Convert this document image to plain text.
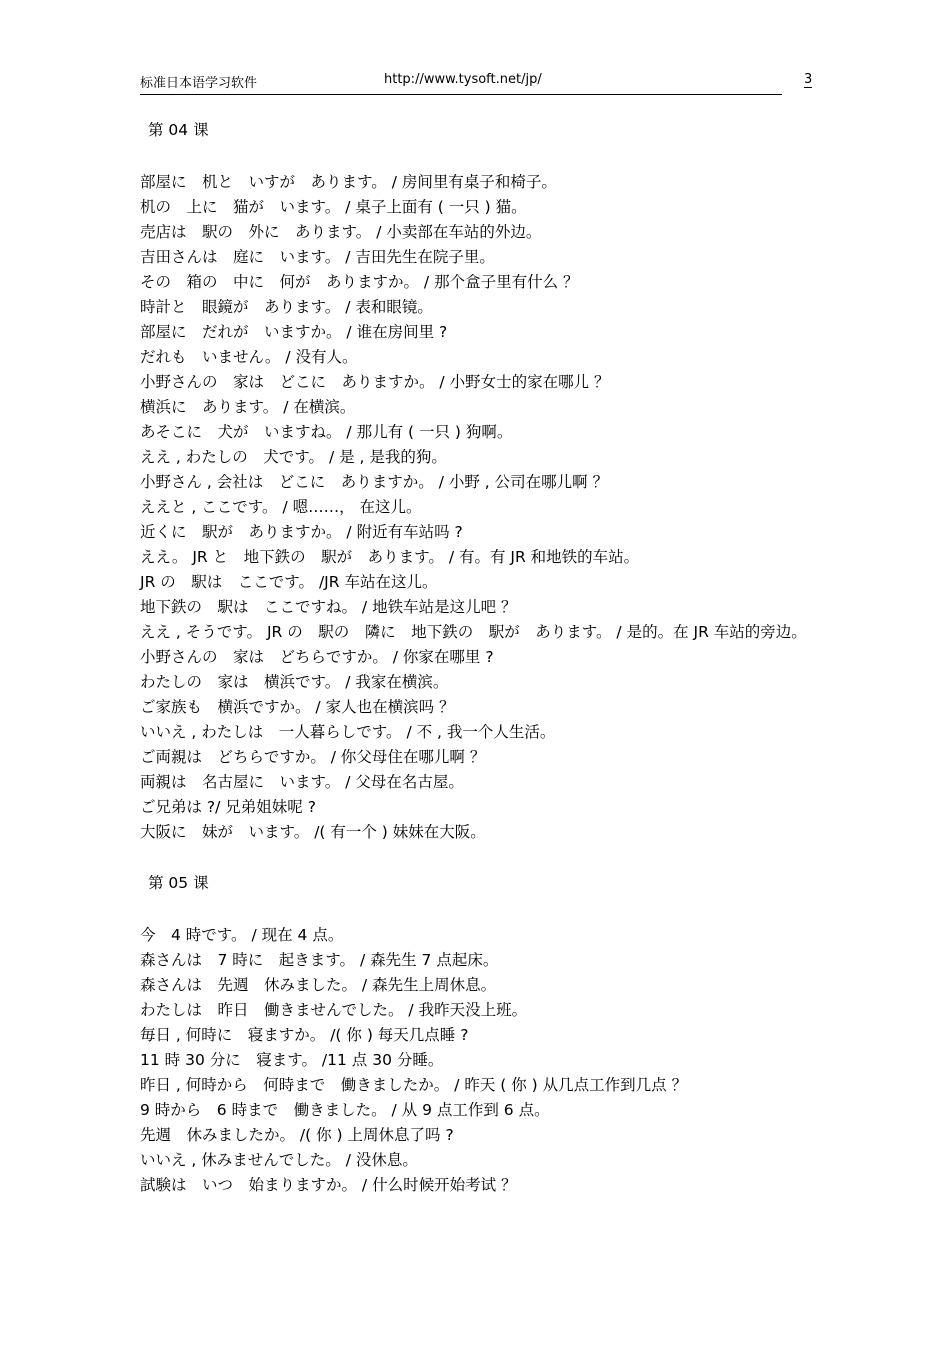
标准日本语学习软件	http://www.tysoft.net/jp/	3
第 04 课
部屋に　机と　いすが　あります。 / 房间里有桌子和椅子。
机の　上に　猫が　います。 / 桌子上面有 ( 一只 ) 猫。
売店は　駅の　外に　あります。 / 小卖部在车站的外边。
吉田さんは　庭に　います。 / 吉田先生在院子里。
その　箱の　中に　何が　ありますか。 / 那个盒子里有什么 ？
時計と　眼鏡が　あります。 / 表和眼镜。
部屋に　だれが　いますか。 / 谁在房间里 ?
だれも　いません。 / 没有人。
小野さんの　家は　どこに　ありますか。 / 小野女士的家在哪儿 ？
横浜に　あります。 / 在横滨。
あそこに　犬が　いますね。 / 那儿有 ( 一只 ) 狗啊。
ええ , わたしの　犬です。 / 是 , 是我的狗。
小野さん , 会社は　どこに　ありますか。 / 小野 , 公司在哪儿啊 ？
ええと , ここです。 / 嗯……， 在这儿。
近くに　駅が　ありますか。 / 附近有车站吗 ?
ええ。 JR と　地下鉄の　駅が　あります。 / 有。有 JR 和地铁的车站。
JR の　駅は　ここです。 /JR 车站在这儿。
地下鉄の　駅は　ここですね。 / 地铁车站是这儿吧 ？
ええ , そうです。 JR の　駅の　隣に　地下鉄の　駅が　あります。 / 是的。在 JR 车站的旁边。
小野さんの　家は　どちらですか。 / 你家在哪里 ?
わたしの　家は　横浜です。 / 我家在横滨。
ご家族も　横浜ですか。 / 家人也在横滨吗 ？
いいえ , わたしは　一人暮らしです。 / 不 , 我一个人生活。
ご両親は　どちらですか。 / 你父母住在哪儿啊 ？
両親は　名古屋に　います。 / 父母在名古屋。
ご兄弟は ?/ 兄弟姐妹呢 ?
大阪に　妹が　います。 /( 有一个 ) 妹妹在大阪。
第 05 课
今　4 時です。 / 现在 4 点。
森さんは　7 時に　起きます。 / 森先生 7 点起床。
森さんは　先週　休みました。 / 森先生上周休息。
わたしは　昨日　働きませんでした。 / 我昨天没上班。
毎日 , 何時に　寝ますか。 /( 你 ) 每天几点睡 ?
11 時 30 分に　寝ます。 /11 点 30 分睡。
昨日 , 何時から　何時まで　働きましたか。 / 昨天 ( 你 ) 从几点工作到几点 ？
9 時から　6 時まで　働きました。 / 从 9 点工作到 6 点。
先週　休みましたか。 /( 你 ) 上周休息了吗 ?
いいえ , 休みませんでした。 / 没休息。
試験は　いつ　始まりますか。 / 什么时候开始考试 ？
